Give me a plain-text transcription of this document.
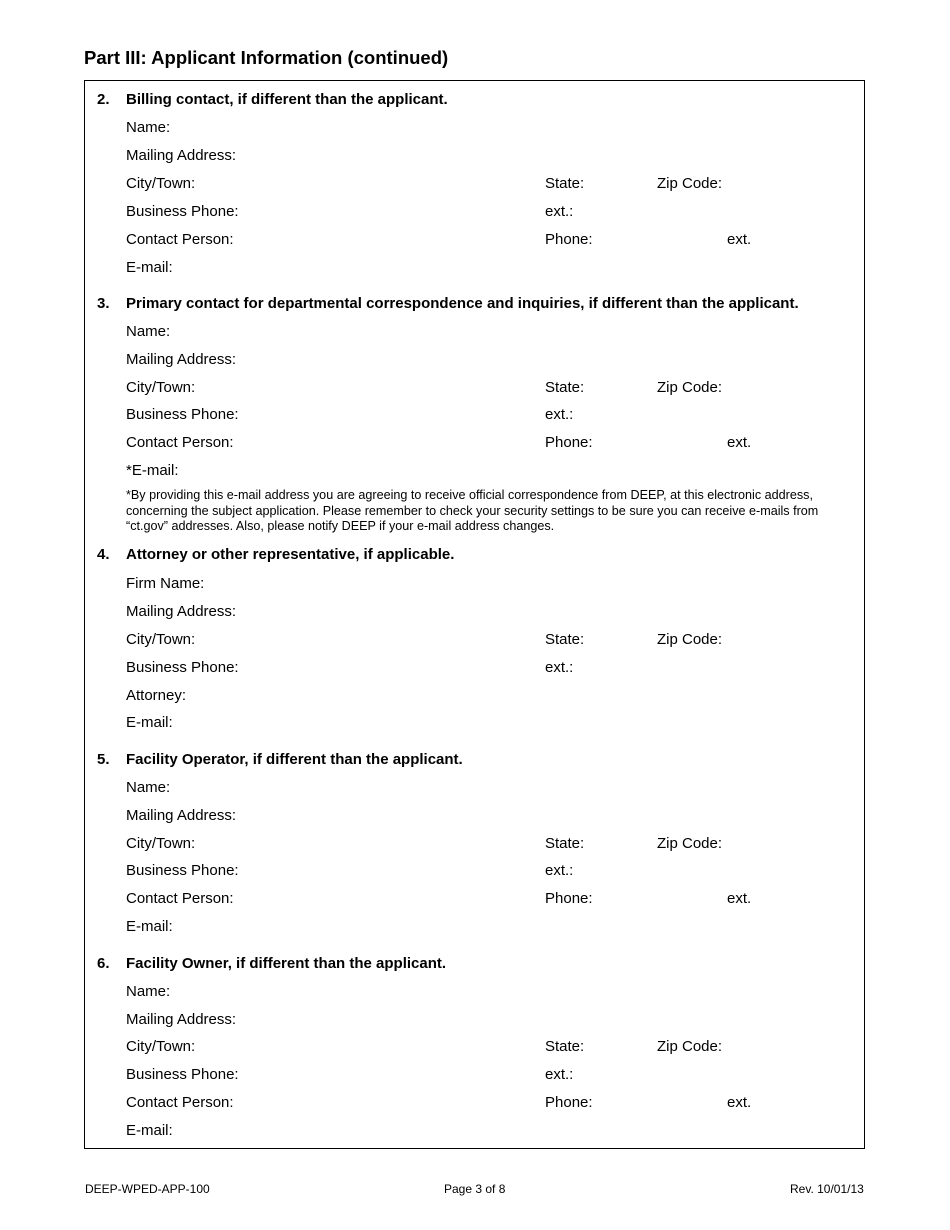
Part III: Applicant Information (continued)
2. Billing contact, if different than the applicant.
Name:
Mailing Address:
City/Town:	State:	Zip Code:
Business Phone:	ext.:
Contact Person:	Phone:	ext.
E-mail:
3. Primary contact for departmental correspondence and inquiries, if different than the applicant.
Name:
Mailing Address:
City/Town:	State:	Zip Code:
Business Phone:	ext.:
Contact Person:	Phone:	ext.
*E-mail:
*By providing this e-mail address you are agreeing to receive official correspondence from DEEP, at this electronic address, concerning the subject application. Please remember to check your security settings to be sure you can receive e-mails from “ct.gov” addresses. Also, please notify DEEP if your e-mail address changes.
4. Attorney or other representative, if applicable.
Firm Name:
Mailing Address:
City/Town:	State:	Zip Code:
Business Phone:	ext.:
Attorney:
E-mail:
5. Facility Operator, if different than the applicant.
Name:
Mailing Address:
City/Town:	State:	Zip Code:
Business Phone:	ext.:
Contact Person:	Phone:	ext.
E-mail:
6. Facility Owner, if different than the applicant.
Name:
Mailing Address:
City/Town:	State:	Zip Code:
Business Phone:	ext.:
Contact Person:	Phone:	ext.
E-mail:
DEEP-WPED-APP-100	Page 3 of 8	Rev. 10/01/13
